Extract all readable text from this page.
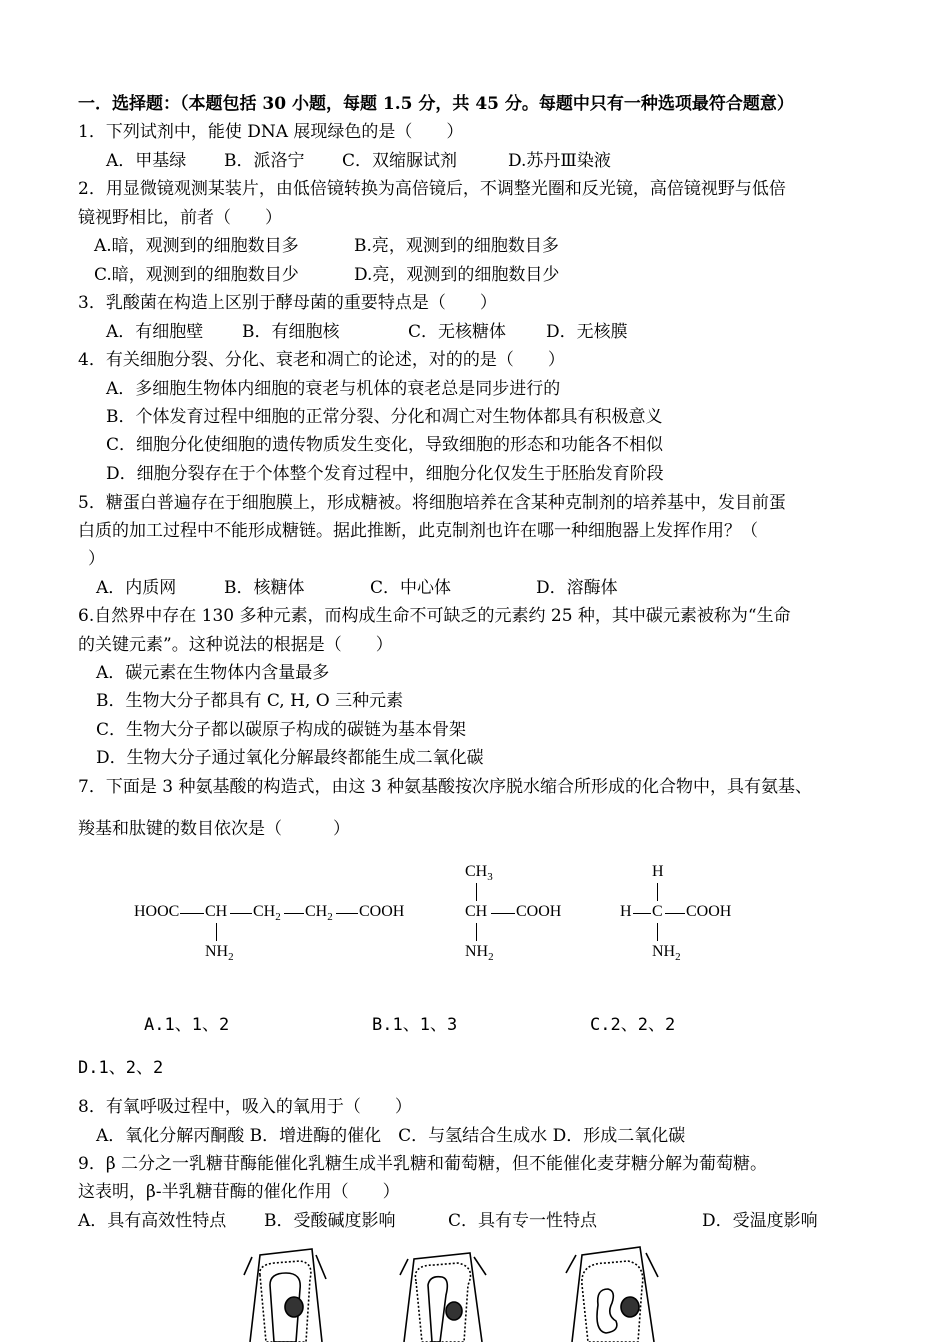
一．选择题：（本题包括 30 小题，每题 1.5 分，共 45 分。每题中只有一种选项最符合题意）
1．下列试剂中，能使 DNA 展现绿色的是（　　）
A．甲基绿 B．派洛宁 C．双缩脲试剂	D.苏丹Ⅲ染液
2．用显微镜观测某装片，由低倍镜转换为高倍镜后，不调整光圈和反光镜，高倍镜视野与低倍
镜视野相比，前者（　　）
A.暗，观测到的细胞数目多	B.亮，观测到的细胞数目多
C.暗，观测到的细胞数目少	D.亮，观测到的细胞数目少
3．乳酸菌在构造上区别于酵母菌的重要特点是（　　）
A．有细胞壁 B．有细胞核	C．无核糖体 D．无核膜
4．有关细胞分裂、分化、衰老和凋亡的论述，对的的是（　　）
A．多细胞生物体内细胞的衰老与机体的衰老总是同步进行的
B．个体发育过程中细胞的正常分裂、分化和凋亡对生物体都具有积极意义
C．细胞分化使细胞的遗传物质发生变化，导致细胞的形态和功能各不相似
D．细胞分裂存在于个体整个发育过程中，细胞分化仅发生于胚胎发育阶段
5．糖蛋白普遍存在于细胞膜上，形成糖被。将细胞培养在含某种克制剂的培养基中，发目前蛋
白质的加工过程中不能形成糖链。据此推断，此克制剂也许在哪一种细胞器上发挥作用？（
）
A．内质网	B．核糖体	C．中心体	D．溶酶体
6.自然界中存在 130 多种元素，而构成生命不可缺乏的元素约 25 种，其中碳元素被称为“生命
的关键元素”。这种说法的根据是（　　）
A．碳元素在生物体内含量最多
B．生物大分子都具有 C, H, O 三种元素
C．生物大分子都以碳原子构成的碳链为基本骨架
D．生物大分子通过氧化分解最终都能生成二氧化碳
7．下面是 3 种氨基酸的构造式，由这 3 种氨基酸按次序脱水缩合所形成的化合物中，具有氨基、
羧基和肽键的数目依次是（　　　）
HOOC CH $CH_2$ $CH_2$ COOH
$NH_2$
$CH_3$
CH COOH
$NH_2$
H
H C COOH
$NH_2$
A.1、1、2	B.1、1、3	C.2、2、2
D.1、2、2
8．有氧呼吸过程中，吸入的氧用于（　　）
A．氧化分解丙酮酸 B．增进酶的催化　C．与氢结合生成水 D．形成二氧化碳
9．β 二分之一乳糖苷酶能催化乳糖生成半乳糖和葡萄糖，但不能催化麦芽糖分解为葡萄糖。
这表明，β-半乳糖苷酶的催化作用（　　）
A．具有高效性特点 B．受酸碱度影响	C．具有专一性特点	D．受温度影响
